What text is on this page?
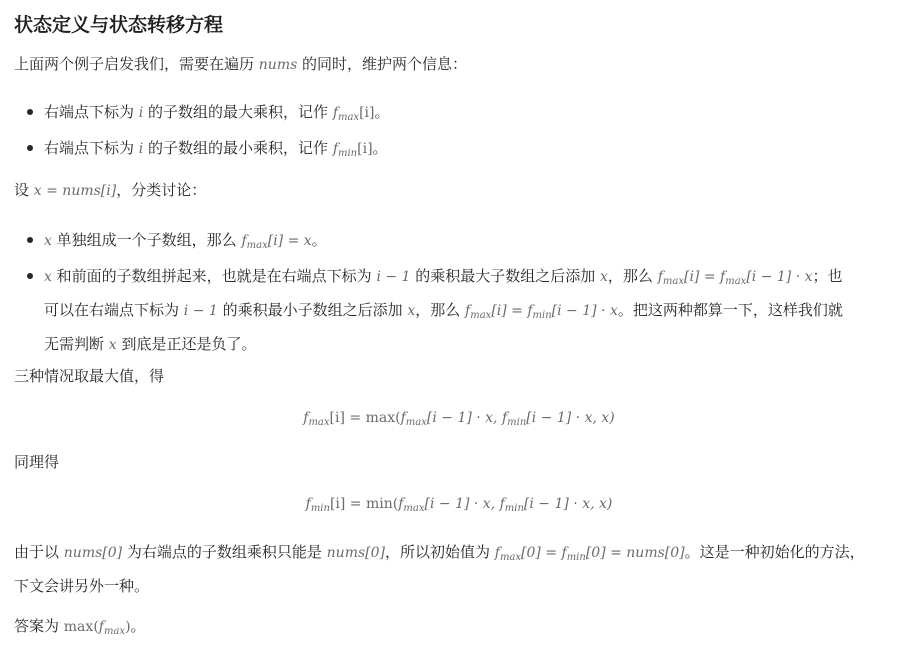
状态定义与状态转移方程

上面两个例子启发我们，需要在遍历 nums 的同时，维护两个信息：

右端点下标为 i 的子数组的最大乘积，记作 $f_{max}[i]$。
右端点下标为 i 的子数组的最小乘积，记作 $f_{min}[i]$。

设 x = nums[i]，分类讨论：

x 单独组成一个子数组，那么 $f_{max}[i] = x$。
x 和前面的子数组拼起来，也就是在右端点下标为 i − 1 的乘积最大子数组之后添加 x，那么 $f_{max}[i] = f_{max}[i - 1] \cdot x$；也
可以在右端点下标为 i − 1 的乘积最小子数组之后添加 x，那么 $f_{max}[i] = f_{min}[i - 1] \cdot x$。把这两种都算一下，这样我们就
无需判断 x 到底是正还是负了。

三种情况取最大值，得

$f_{max}[i] = \max(f_{max}[i - 1] \cdot x$, $f_{min}[i - 1] \cdot x$, x)

同理得

$f_{min}[i] = \min(f_{max}[i - 1] \cdot x$, $f_{min}[i - 1] \cdot x$, x)
由于以 nums[0] 为右端点的子数组乘积只能是 nums[0]，所以初始值为 $f_{max}[0] = f_{min}[0]$ = nums[0]。这是一种初始化的方法，
下文会讲另外一种。

答案为 $\max(f_{max})$。
